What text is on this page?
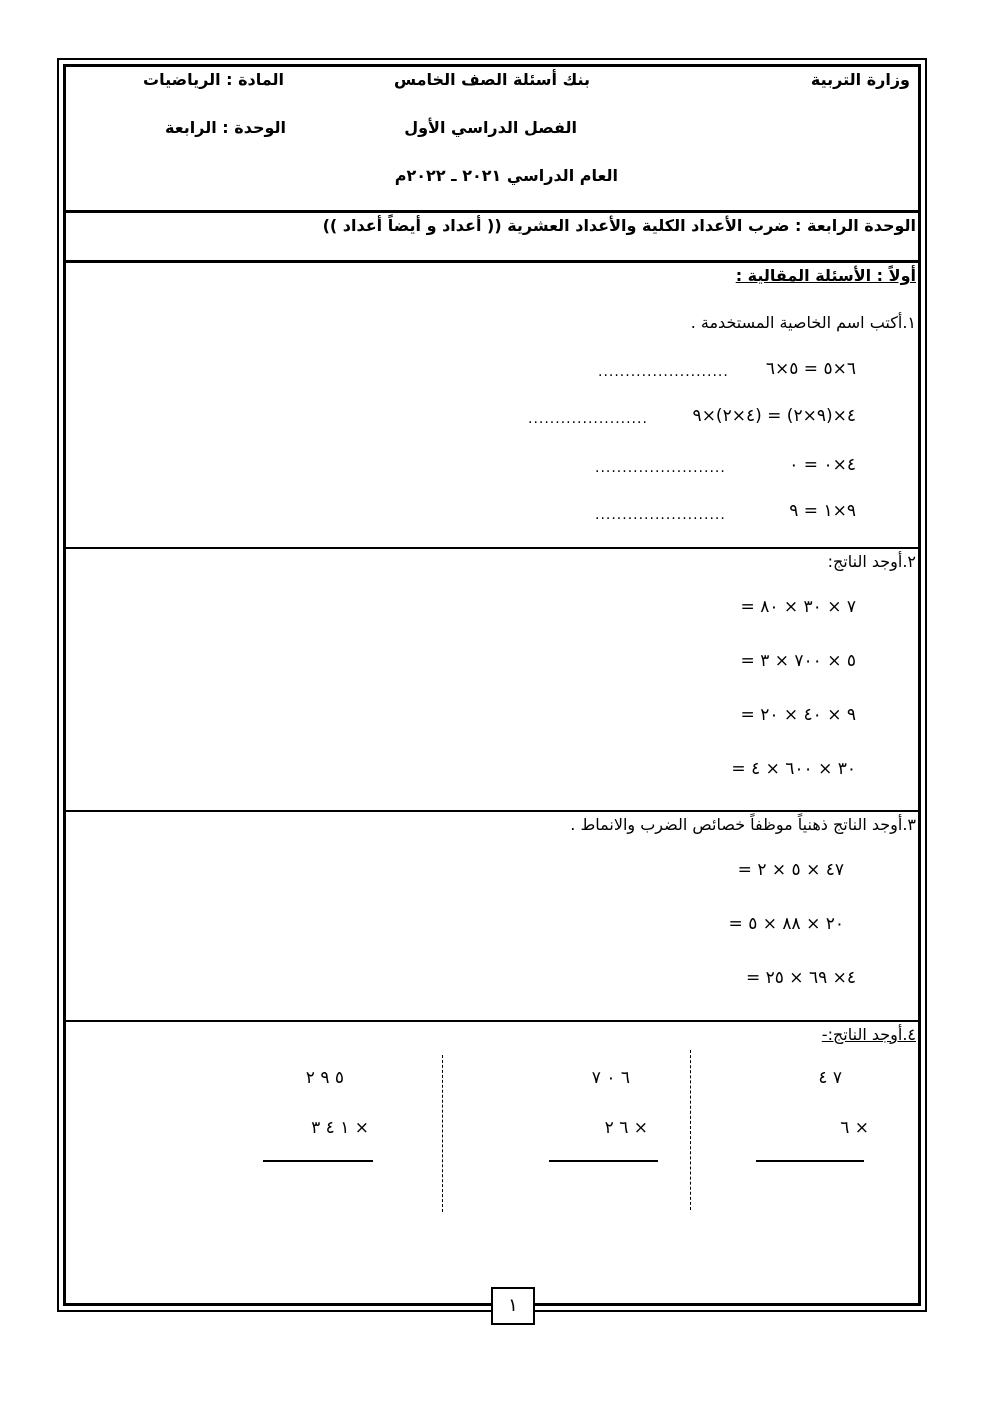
وزارة التربية
بنك أسئلة الصف الخامس
المادة : الرياضيات
الفصل الدراسي الأول
الوحدة : الرابعة
العام الدراسي ٢٠٢١ ـ ٢٠٢٢م
الوحدة الرابعة : ضرب الأعداد الكلية والأعداد العشرية (( أعداد و أيضاً أعداد ))
أولاً : الأسئلة المقالية :
١.أكتب اسم الخاصية المستخدمة .
٦×٥ = ٥×٦
........................
٤×(٩×٢) = (٤×٢)×٩
......................
٤×٠ = ٠
........................
٩×١ = ٩
........................
٢.أوجد الناتج:
٧ × ٣٠ × ٨٠ =
٥ × ٧٠٠ × ٣ =
٩ × ٤٠ × ٢٠ =
٣٠ × ٦٠٠ × ٤ =
٣.أوجد الناتج ذهنياً موظفاً خصائص الضرب والانماط .
٤٧ × ٥ × ٢ =
٢٠ × ٨٨ × ٥ =
٤× ٦٩ × ٢٥ =
٤.أوجد الناتج:-
٧ ٤
× ٦
٦ ٠ ٧
× ٦ ٢
٥ ٩ ٢
× ١ ٤ ٣
١
